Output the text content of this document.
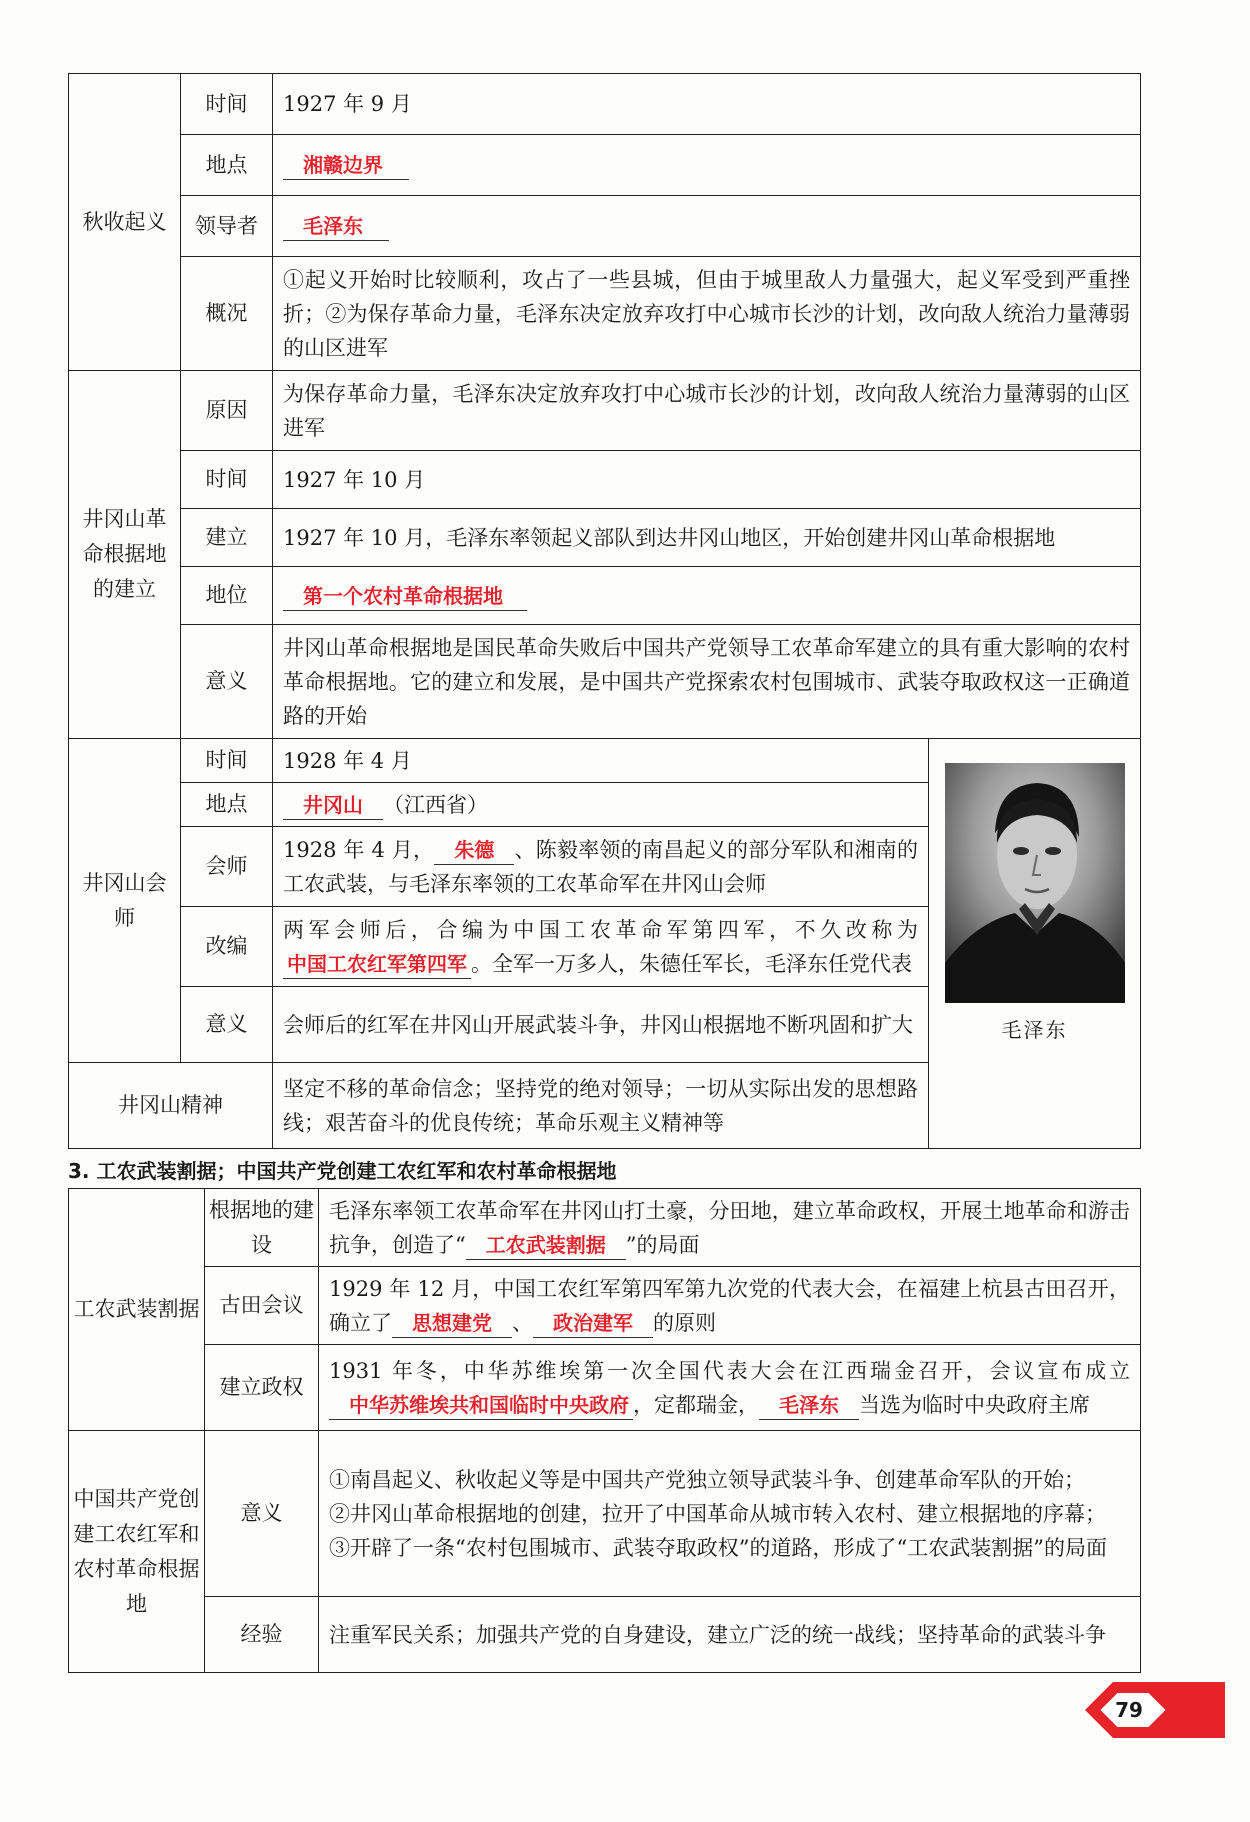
秋收起义	时间	1927 年 9 月	
	地点	湘赣边界	
	领导者	毛泽东	
	概况	①起义开始时比较顺利，攻占了一些县城，但由于城里敌人力量强大，起义军受到严重挫折；②为保存革命力量，毛泽东决定放弃攻打中心城市长沙的计划，改向敌人统治力量薄弱的山区进军	
井冈山革命根据地的建立	原因	为保存革命力量，毛泽东决定放弃攻打中心城市长沙的计划，改向敌人统治力量薄弱的山区进军	
	时间	1927 年 10 月	
	建立	1927 年 10 月，毛泽东率领起义部队到达井冈山地区，开始创建井冈山革命根据地	
	地位	第一个农村革命根据地	
	意义	井冈山革命根据地是国民革命失败后中国共产党领导工农革命军建立的具有重大影响的农村革命根据地。它的建立和发展，是中国共产党探索农村包围城市、武装夺取政权这一正确道路的开始	
井冈山会师	时间	1928 年 4 月	毛泽东

	地点	井冈山 （江西省）	
	会师	1928 年 4 月， 朱德 、陈毅率领的南昌起义的部分军队和湘南的工农武装，与毛泽东率领的工农革命军在井冈山会师	
	改编	两军会师后，合编为中国工农革命军第四军，不久改称为中国工农红军第四军 。全军一万多人，朱德任军长，毛泽东任党代表	
	意义	会师后的红军在井冈山开展武装斗争，井冈山根据地不断巩固和扩大	
井冈山精神		坚定不移的革命信念；坚持党的绝对领导；一切从实际出发的思想路线；艰苦奋斗的优良传统；革命乐观主义精神等	
3. 工农武装割据；中国共产党创建工农红军和农村革命根据地
工农武装割据	根据地的建设	毛泽东率领工农革命军在井冈山打土豪，分田地，建立革命政权，开展土地革命和游击抗争，创造了“ 工农武装割据 ”的局面
	古田会议	1929 年 12 月，中国工农红军第四军第九次党的代表大会，在福建上杭县古田召开，确立了 思想建党 、 政治建军 的原则
	建立政权	1931 年冬，中华苏维埃第一次全国代表大会在江西瑞金召开，会议宣布成立中华苏维埃共和国临时中央政府 ，定都瑞金， 毛泽东 当选为临时中央政府主席
中国共产党创建工农红军和农村革命根据地	意义	①南昌起义、秋收起义等是中国共产党独立领导武装斗争、创建革命军队的开始；
②井冈山革命根据地的创建，拉开了中国革命从城市转入农村、建立根据地的序幕；
③开辟了一条“农村包围城市、武装夺取政权”的道路，形成了“工农武装割据”的局面

	经验	注重军民关系；加强共产党的自身建设，建立广泛的统一战线；坚持革命的武装斗争
79
